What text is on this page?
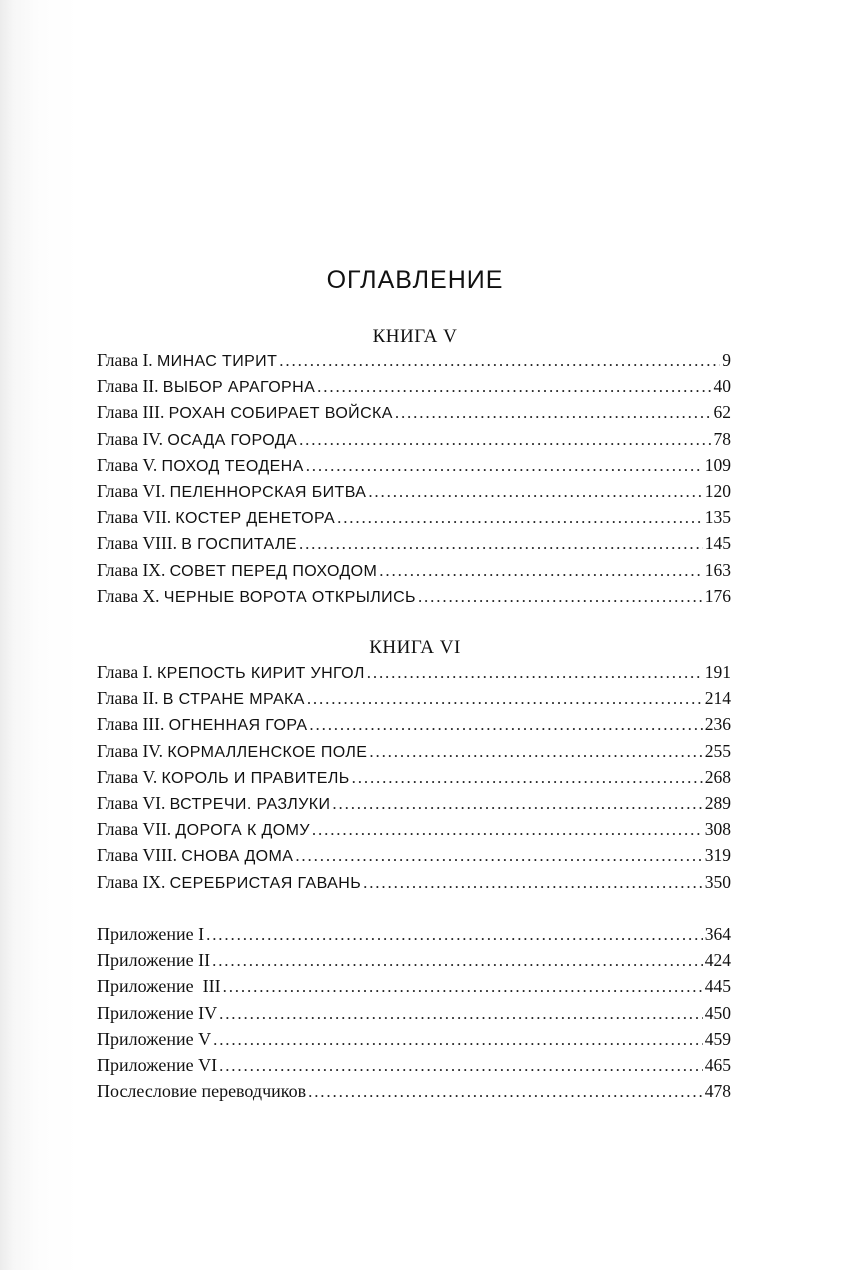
ОГЛАВЛЕНИЕ
КНИГА V
Глава I. МИНАС ТИРИТ . . .	9
Глава II. ВЫБОР АРАГОРНА . . .	40
Глава III. РОХАН СОБИРАЕТ ВОЙСКА . . .	62
Глава IV. ОСАДА ГОРОДА . . .	78
Глава V. ПОХОД ТЕОДЕНА . . .	109
Глава VI. ПЕЛЕННОРСКАЯ БИТВА . . .	120
Глава VII. КОСТЕР ДЕНЕТОРА . . .	135
Глава VIII. В ГОСПИТАЛЕ . . .	145
Глава IX. СОВЕТ ПЕРЕД ПОХОДОМ . . .	163
Глава X. ЧЕРНЫЕ ВОРОТА ОТКРЫЛИСЬ . . .	176
КНИГА VI
Глава I. КРЕПОСТЬ КИРИТ УНГОЛ . . .	191
Глава II. В СТРАНЕ МРАКА . . .	214
Глава III. ОГНЕННАЯ ГОРА . . .	236
Глава IV. КОРМАЛЛЕНСКОЕ ПОЛЕ . . .	255
Глава V. КОРОЛЬ И ПРАВИТЕЛЬ . . .	268
Глава VI. ВСТРЕЧИ. РАЗЛУКИ . . .	289
Глава VII. ДОРОГА К ДОМУ . . .	308
Глава VIII. СНОВА ДОМА . . .	319
Глава IX. СЕРЕБРИСТАЯ ГАВАНЬ . . .	350
Приложение I . . .	364
Приложение II . . .	424
Приложение  III . . .	445
Приложение IV . . .	450
Приложение V . . .	459
Приложение VI . . .	465
Послесловие переводчиков . . .	478
